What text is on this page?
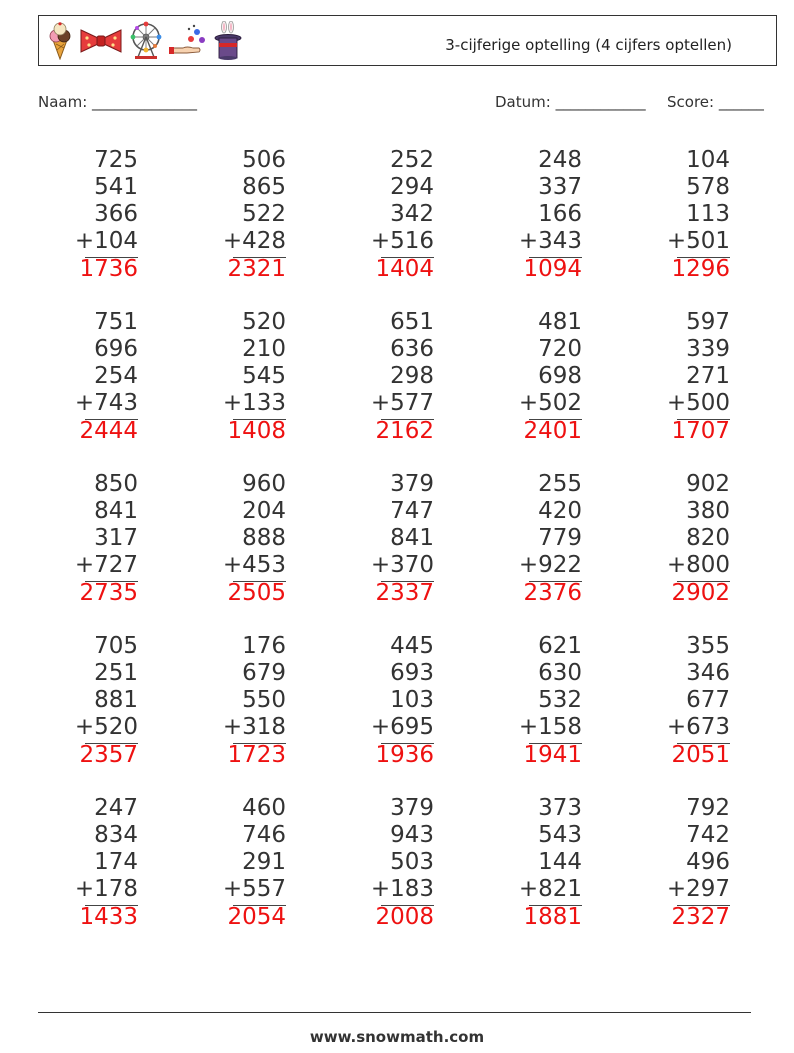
3-cijferige optelling (4 cijfers optellen)
Naam: ______________	Datum: ____________ Score: ______
725
541
366
+104
1736
506
865
522
+428
2321
252
294
342
+516
1404
248
337
166
+343
1094
104
578
113
+501
1296
751
696
254
+743
2444
520
210
545
+133
1408
651
636
298
+577
2162
481
720
698
+502
2401
597
339
271
+500
1707
850
841
317
+727
2735
960
204
888
+453
2505
379
747
841
+370
2337
255
420
779
+922
2376
902
380
820
+800
2902
705
251
881
+520
2357
176
679
550
+318
1723
445
693
103
+695
1936
621
630
532
+158
1941
355
346
677
+673
2051
247
834
174
+178
1433
460
746
291
+557
2054
379
943
503
+183
2008
373
543
144
+821
1881
792
742
496
+297
2327
www.snowmath.com
